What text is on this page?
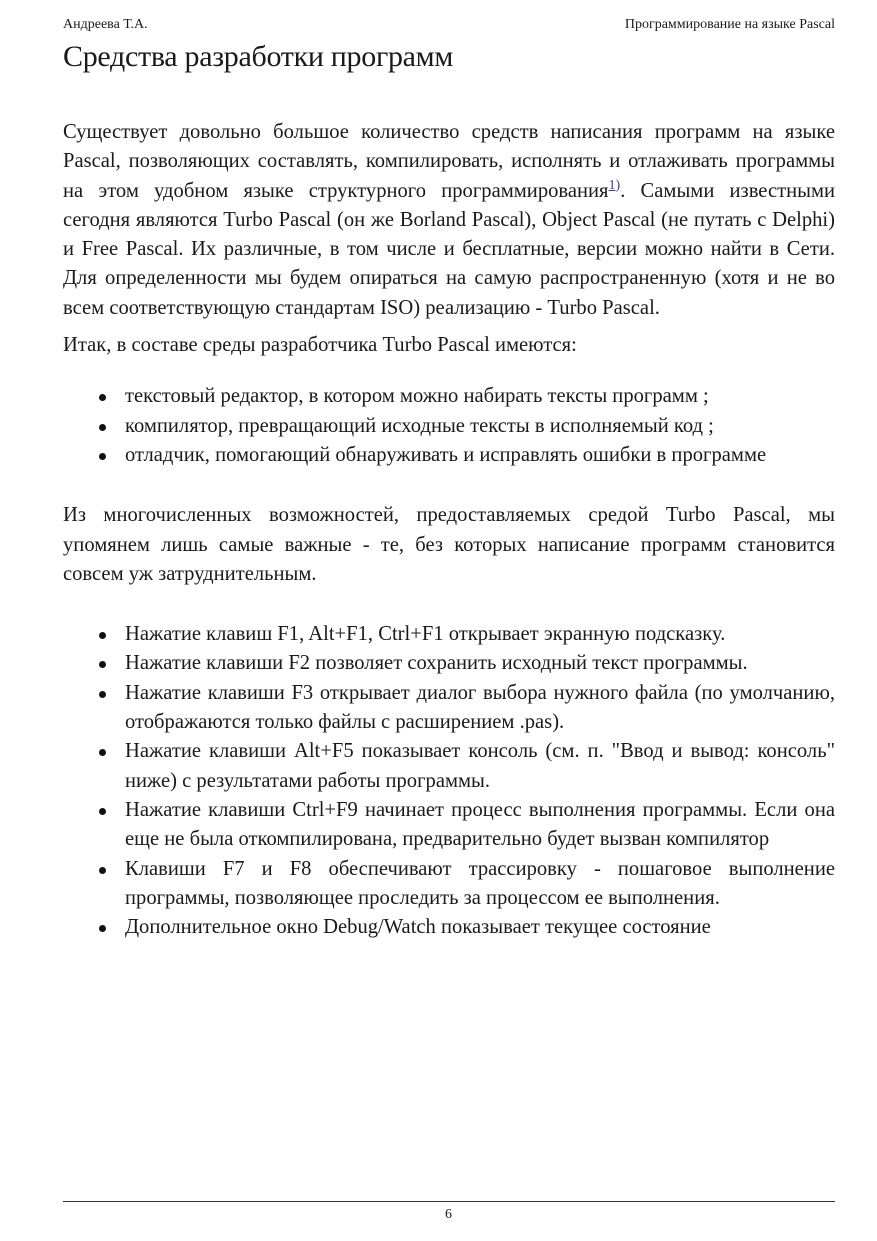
Андреева Т.А.	Программирование на языке Pascal
Средства разработки программ

Существует довольно большое количество средств написания программ на языке Pascal, позволяющих составлять, компилировать, исполнять и отлаживать программы на этом удобном языке структурного программирования$^{1)}$. Самыми известными сегодня являются Turbo Pascal (он же Borland Pascal), Object Pascal (не путать с Delphi) и Free Pascal. Их различные, в том числе и бесплатные, версии можно найти в Сети. Для определенности мы будем опираться на самую распространенную (хотя и не во всем соответствующую стандартам ISO) реализацию - Turbo Pascal.

Итак, в составе среды разработчика Turbo Pascal имеются:

текстовый редактор, в котором можно набирать тексты программ ;
компилятор, превращающий исходные тексты в исполняемый код ;
отладчик, помогающий обнаруживать и исправлять ошибки в программе

Из многочисленных возможностей, предоставляемых средой Turbo Pascal, мы упомянем лишь самые важные - те, без которых написание программ становится совсем уж затруднительным.

Нажатие клавиш F1, Alt+F1, Ctrl+F1 открывает экранную подсказку.
Нажатие клавиши F2 позволяет сохранить исходный текст программы.
Нажатие клавиши F3 открывает диалог выбора нужного файла (по умолчанию, отображаются только файлы с расширением .pas).
Нажатие клавиши Alt+F5 показывает консоль (см. п. "Ввод и вывод: консоль" ниже) с результатами работы программы.
Нажатие клавиши Ctrl+F9 начинает процесс выполнения программы. Если она еще не была откомпилирована, предварительно будет вызван компилятор
Клавиши F7 и F8 обеспечивают трассировку - пошаговое выполнение программы, позволяющее проследить за процессом ее выполнения.
Дополнительное окно Debug/Watch показывает текущее состояние
6
